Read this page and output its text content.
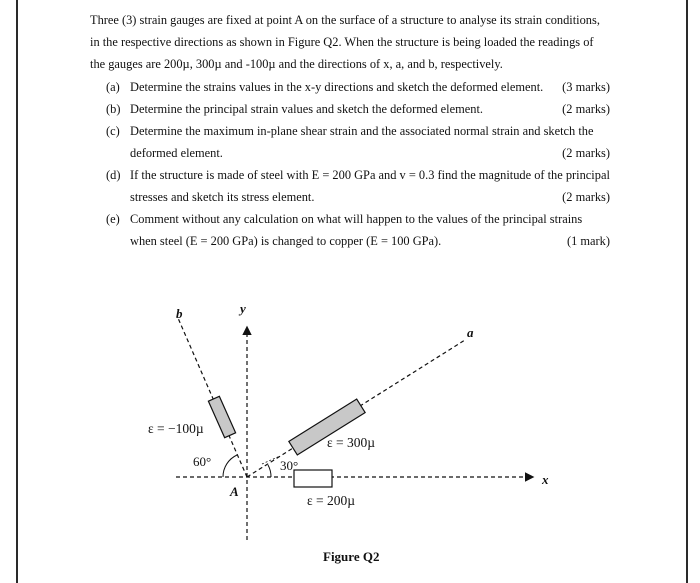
Three (3) strain gauges are fixed at point A on the surface of a structure to analyse its strain conditions,
in the respective directions as shown in Figure Q2. When the structure is being loaded the readings of
the gauges are 200µ, 300µ and -100µ and the directions of x, a, and b, respectively.
(a) Determine the strains values in the x-y directions and sketch the deformed element. (3 marks)
(b) Determine the principal strain values and sketch the deformed element.	(2 marks)
(c) Determine the maximum in-plane shear strain and the associated normal strain and sketch the
deformed element.	(2 marks)
(d) If the structure is made of steel with E = 200 GPa and v = 0.3 find the magnitude of the principal
stresses and sketch its stress element.	(2 marks)
(e) Comment without any calculation on what will happen to the values of the principal strains
when steel (E = 200 GPa) is changed to copper (E = 100 GPa).	(1 mark)
b	y
a
x
A
ε = −100µ
ε = 300µ
ε = 200µ
60°	30°
Figure Q2
